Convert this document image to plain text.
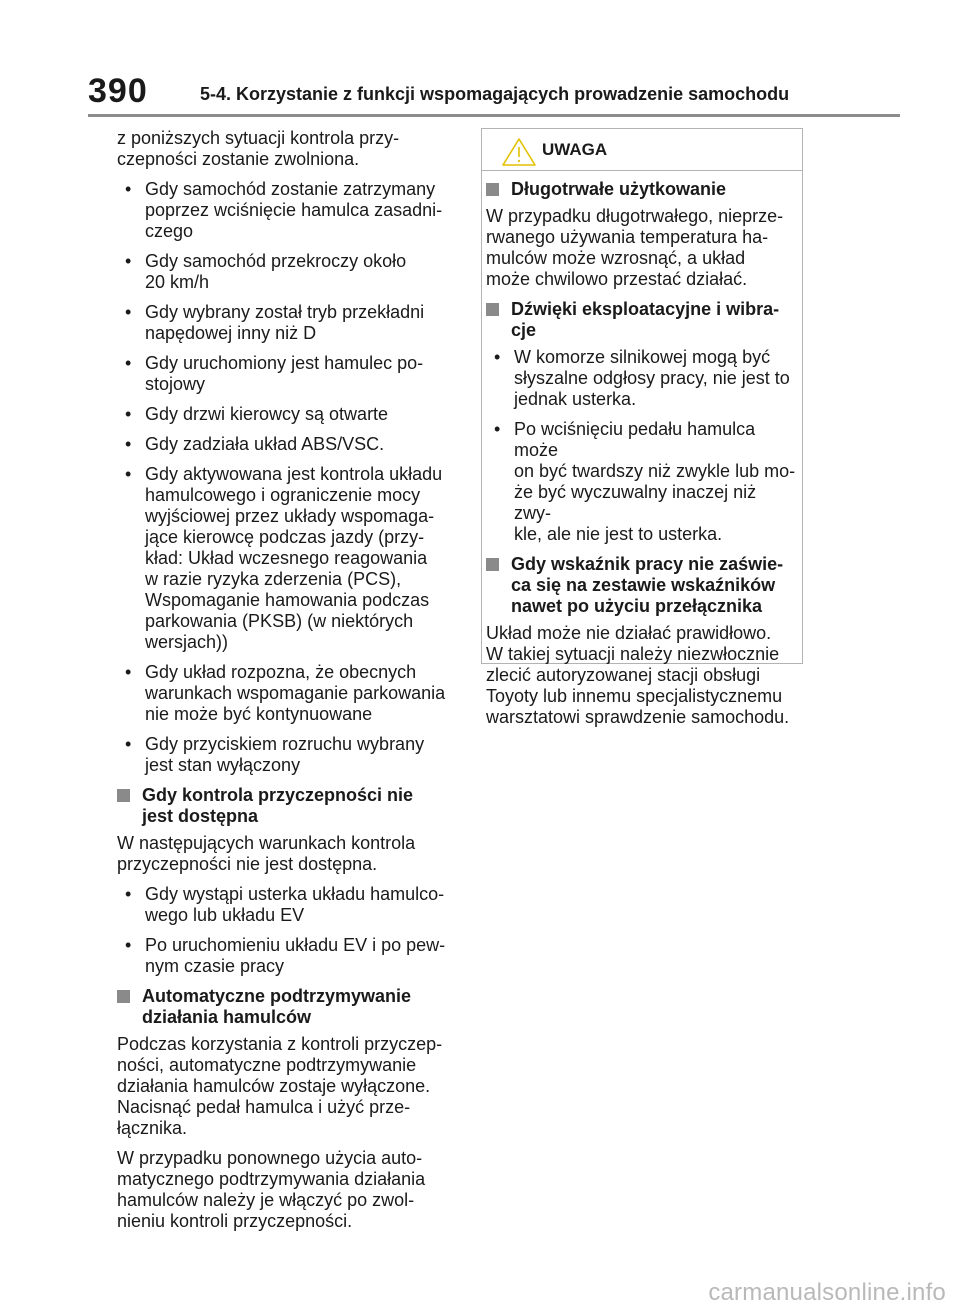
390	5-4. Korzystanie z funkcji wspomagających prowadzenie samochodu

z poniższych sytuacji kontrola przy-
czepności zostanie zwolniona.

• Gdy samochód zostanie zatrzymany
poprzez wciśnięcie hamulca zasadni-
czego
• Gdy samochód przekroczy około
20 km/h
• Gdy wybrany został tryb przekładni
napędowej inny niż D
• Gdy uruchomiony jest hamulec po-
stojowy
• Gdy drzwi kierowcy są otwarte
• Gdy zadziała układ ABS/VSC.
• Gdy aktywowana jest kontrola układu
hamulcowego i ograniczenie mocy
wyjściowej przez układy wspomaga-
jące kierowcę podczas jazdy (przy-
kład: Układ wczesnego reagowania
w razie ryzyka zderzenia (PCS),
Wspomaganie hamowania podczas
parkowania (PKSB) (w niektórych
wersjach))
• Gdy układ rozpozna, że obecnych
warunkach wspomaganie parkowania
nie może być kontynuowane
• Gdy przyciskiem rozruchu wybrany
jest stan wyłączony
Gdy kontrola przyczepności nie
jest dostępna

W następujących warunkach kontrola
przyczepności nie jest dostępna.

• Gdy wystąpi usterka układu hamulco-
wego lub układu EV
• Po uruchomieniu układu EV i po pew-
nym czasie pracy
Automatyczne podtrzymywanie
działania hamulców

Podczas korzystania z kontroli przyczep-
ności, automatyczne podtrzymywanie
działania hamulców zostaje wyłączone.
Nacisnąć pedał hamulca i użyć prze-
łącznika.

W przypadku ponownego użycia auto-
matycznego podtrzymywania działania
hamulców należy je włączyć po zwol-
nieniu kontroli przyczepności.

UWAGA
Długotrwałe użytkowanie

W przypadku długotrwałego, nieprze-
rwanego używania temperatura ha-
mulców może wzrosnąć, a układ
może chwilowo przestać działać.

Dźwięki eksploatacyjne i wibra-
cje
• W komorze silnikowej mogą być
słyszalne odgłosy pracy, nie jest to
jednak usterka.
• Po wciśnięciu pedału hamulca może
on być twardszy niż zwykle lub mo-
że być wyczuwalny inaczej niż zwy-
kle, ale nie jest to usterka.
Gdy wskaźnik pracy nie zaświe-
ca się na zestawie wskaźników
nawet po użyciu przełącznika

Układ może nie działać prawidłowo.
W takiej sytuacji należy niezwłocznie
zlecić autoryzowanej stacji obsługi
Toyoty lub innemu specjalistycznemu
warsztatowi sprawdzenie samochodu.

carmanualsonline.info
